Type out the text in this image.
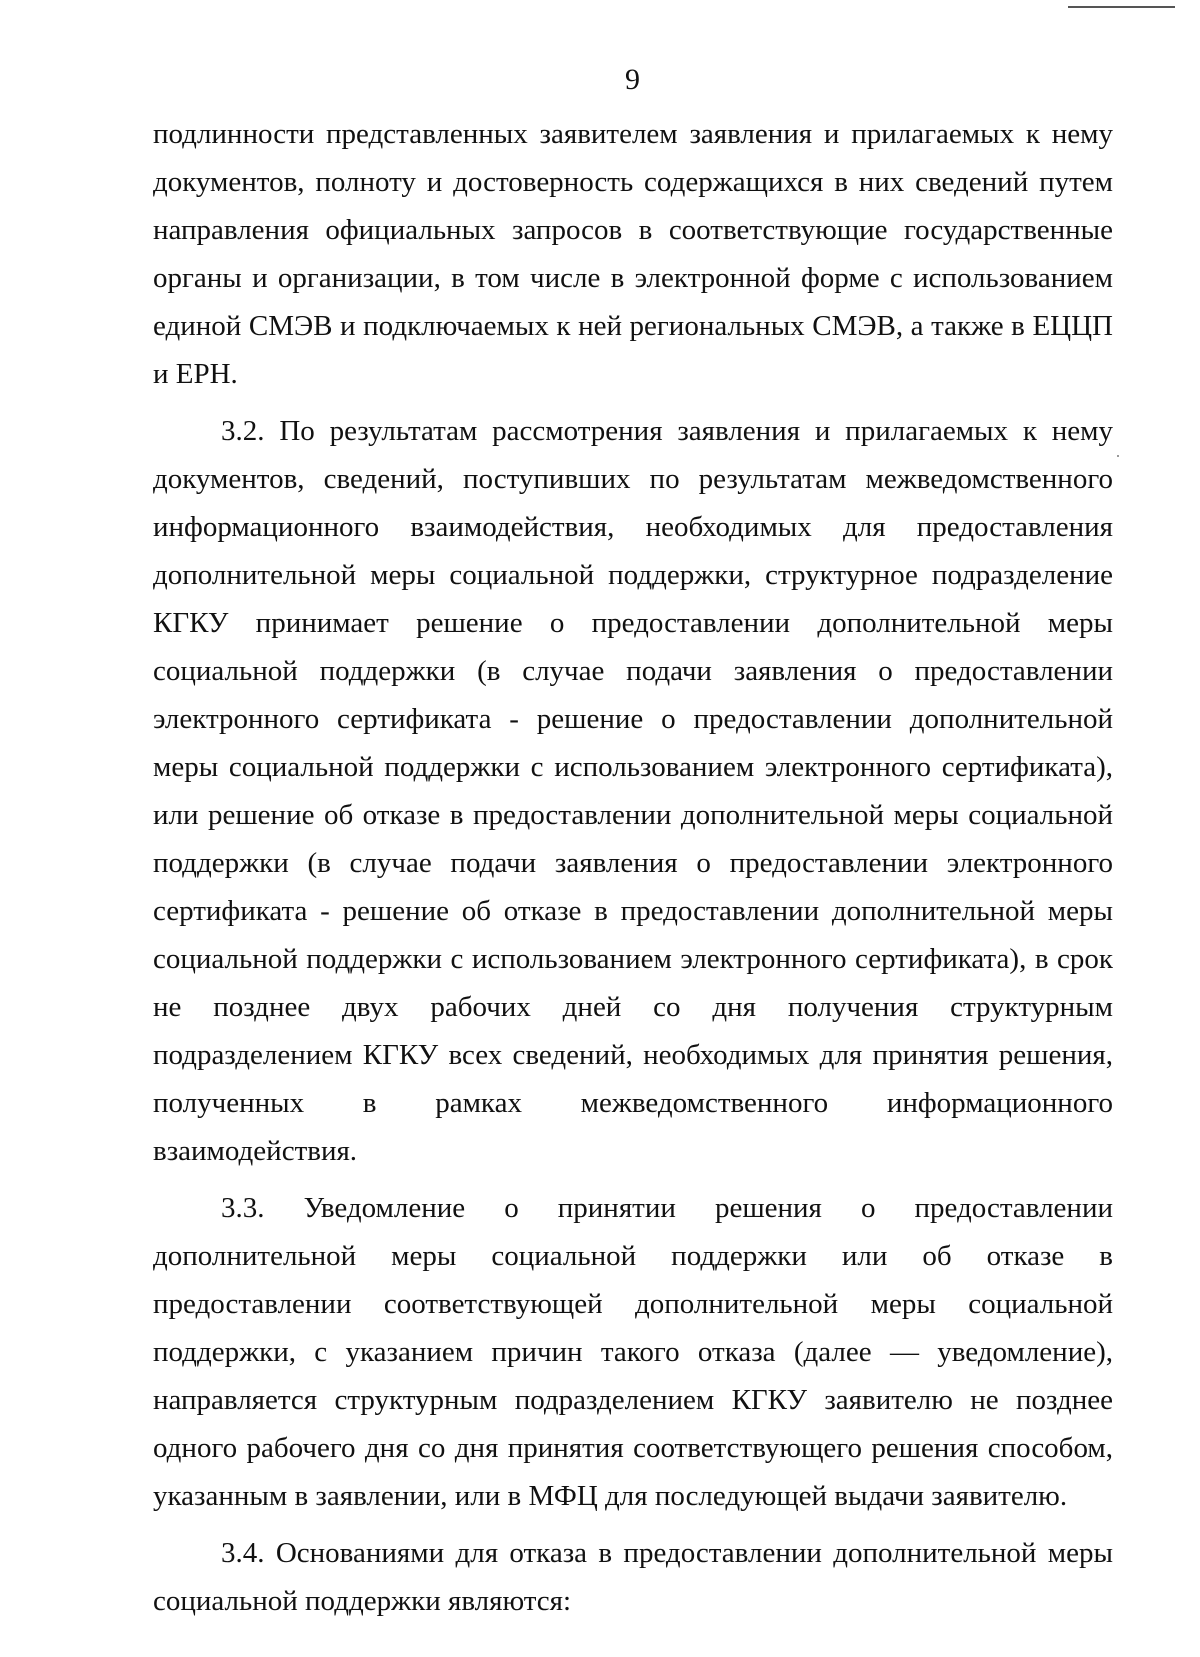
9

подлинности представленных заявителем заявления и прилагаемых к нему документов, полноту и достоверность содержащихся в них сведений путем направления официальных запросов в соответствующие государственные органы и организации, в том числе в электронной форме с использованием единой СМЭВ и подключаемых к ней региональных СМЭВ, а также в ЕЦЦП и ЕРН.

3.2. По результатам рассмотрения заявления и прилагаемых к нему документов, сведений, поступивших по результатам межведомственного информационного взаимодействия, необходимых для предоставления дополнительной меры социальной поддержки, структурное подразделение КГКУ принимает решение о предоставлении дополнительной меры социальной поддержки (в случае подачи заявления о предоставлении электронного сертификата - решение о предоставлении дополнительной меры социальной поддержки с использованием электронного сертификата), или решение об отказе в предоставлении дополнительной меры социальной поддержки (в случае подачи заявления о предоставлении электронного сертификата - решение об отказе в предоставлении дополнительной меры социальной поддержки с использованием электронного сертификата), в срок не позднее двух рабочих дней со дня получения структурным подразделением КГКУ всех сведений, необходимых для принятия решения, полученных в рамках межведомственного информационного взаимодействия.

3.3. Уведомление о принятии решения о предоставлении дополнительной меры социальной поддержки или об отказе в предоставлении соответствующей дополнительной меры социальной поддержки, с указанием причин такого отказа (далее — уведомление), направляется структурным подразделением КГКУ заявителю не позднее одного рабочего дня со дня принятия соответствующего решения способом, указанным в заявлении, или в МФЦ для последующей выдачи заявителю.

3.4. Основаниями для отказа в предоставлении дополнительной меры социальной поддержки являются:
